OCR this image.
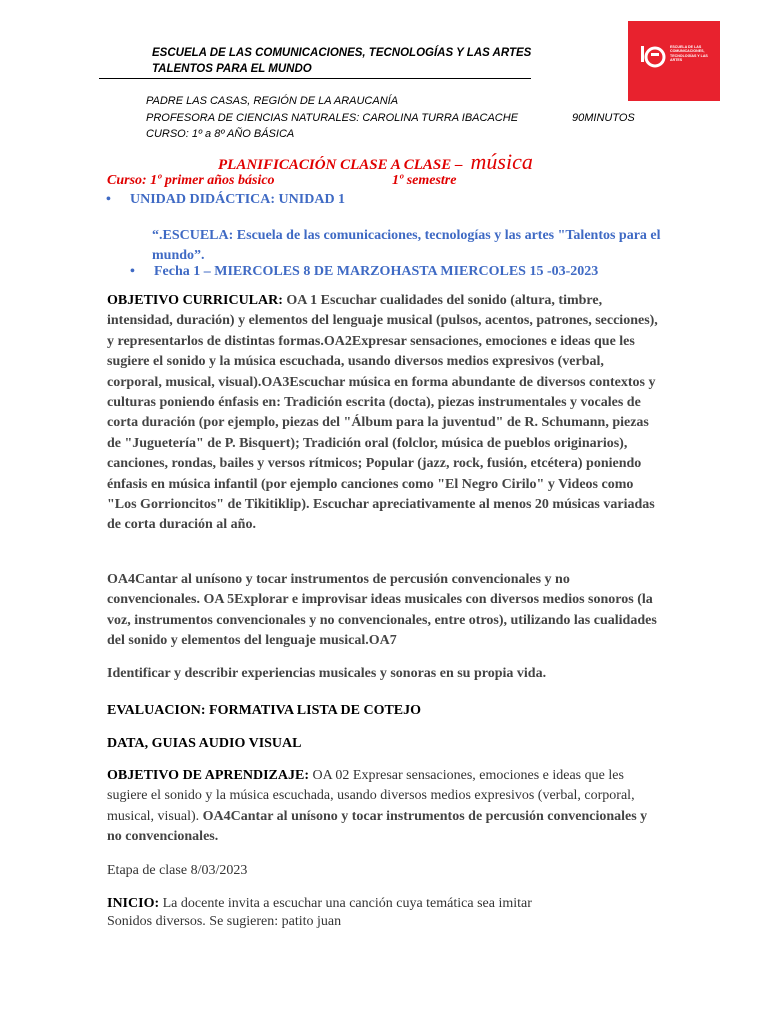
ESCUELA DE LAS COMUNICACIONES, TECNOLOGÍAS Y LAS ARTES
TALENTOS PARA EL MUNDO
PADRE LAS CASAS, REGIÓN DE LA ARAUCANÍA
PROFESORA DE CIENCIAS NATURALES: CAROLINA TURRA IBACACHE	90MINUTOS
CURSO: 1º a 8º AÑO BÁSICA
ESCUELA DE LAS COMUNICACIONES, TECNOLOGÍAS Y LAS ARTES
PLANIFICACIÓN CLASE A CLASE – música
Curso: 1º primer años básico	1º semestre
• UNIDAD DIDÁCTICA: UNIDAD 1
“.ESCUELA: Escuela de las comunicaciones, tecnologías y las artes "Talentos para el mundo”.
• Fecha 1 – MIERCOLES 8 DE MARZOHASTA MIERCOLES 15 -03-2023
OBJETIVO CURRICULAR: OA 1 Escuchar cualidades del sonido (altura, timbre, intensidad, duración) y elementos del lenguaje musical (pulsos, acentos, patrones, secciones), y representarlos de distintas formas.OA2Expresar sensaciones, emociones e ideas que les sugiere el sonido y la música escuchada, usando diversos medios expresivos (verbal, corporal, musical, visual).OA3Escuchar música en forma abundante de diversos contextos y culturas poniendo énfasis en: Tradición escrita (docta), piezas instrumentales y vocales de corta duración (por ejemplo, piezas del "Álbum para la juventud" de R. Schumann, piezas de "Juguetería" de P. Bisquert); Tradición oral (folclor, música de pueblos originarios), canciones, rondas, bailes y versos rítmicos; Popular (jazz, rock, fusión, etcétera) poniendo énfasis en música infantil (por ejemplo canciones como "El Negro Cirilo" y Videos como "Los Gorrioncitos" de Tikitiklip). Escuchar apreciativamente al menos 20 músicas variadas de corta duración al año.
OA4Cantar al unísono y tocar instrumentos de percusión convencionales y no convencionales. OA 5Explorar e improvisar ideas musicales con diversos medios sonoros (la voz, instrumentos convencionales y no convencionales, entre otros), utilizando las cualidades del sonido y elementos del lenguaje musical.OA7
Identificar y describir experiencias musicales y sonoras en su propia vida.
EVALUACION: FORMATIVA LISTA DE COTEJO
DATA, GUIAS AUDIO VISUAL
OBJETIVO DE APRENDIZAJE: OA 02 Expresar sensaciones, emociones e ideas que les sugiere el sonido y la música escuchada, usando diversos medios expresivos (verbal, corporal, musical, visual). OA4Cantar al unísono y tocar instrumentos de percusión convencionales y no convencionales.
Etapa de clase 8/03/2023
INICIO: La docente invita a escuchar una canción cuya temática sea imitar
Sonidos diversos. Se sugieren: patito juan
